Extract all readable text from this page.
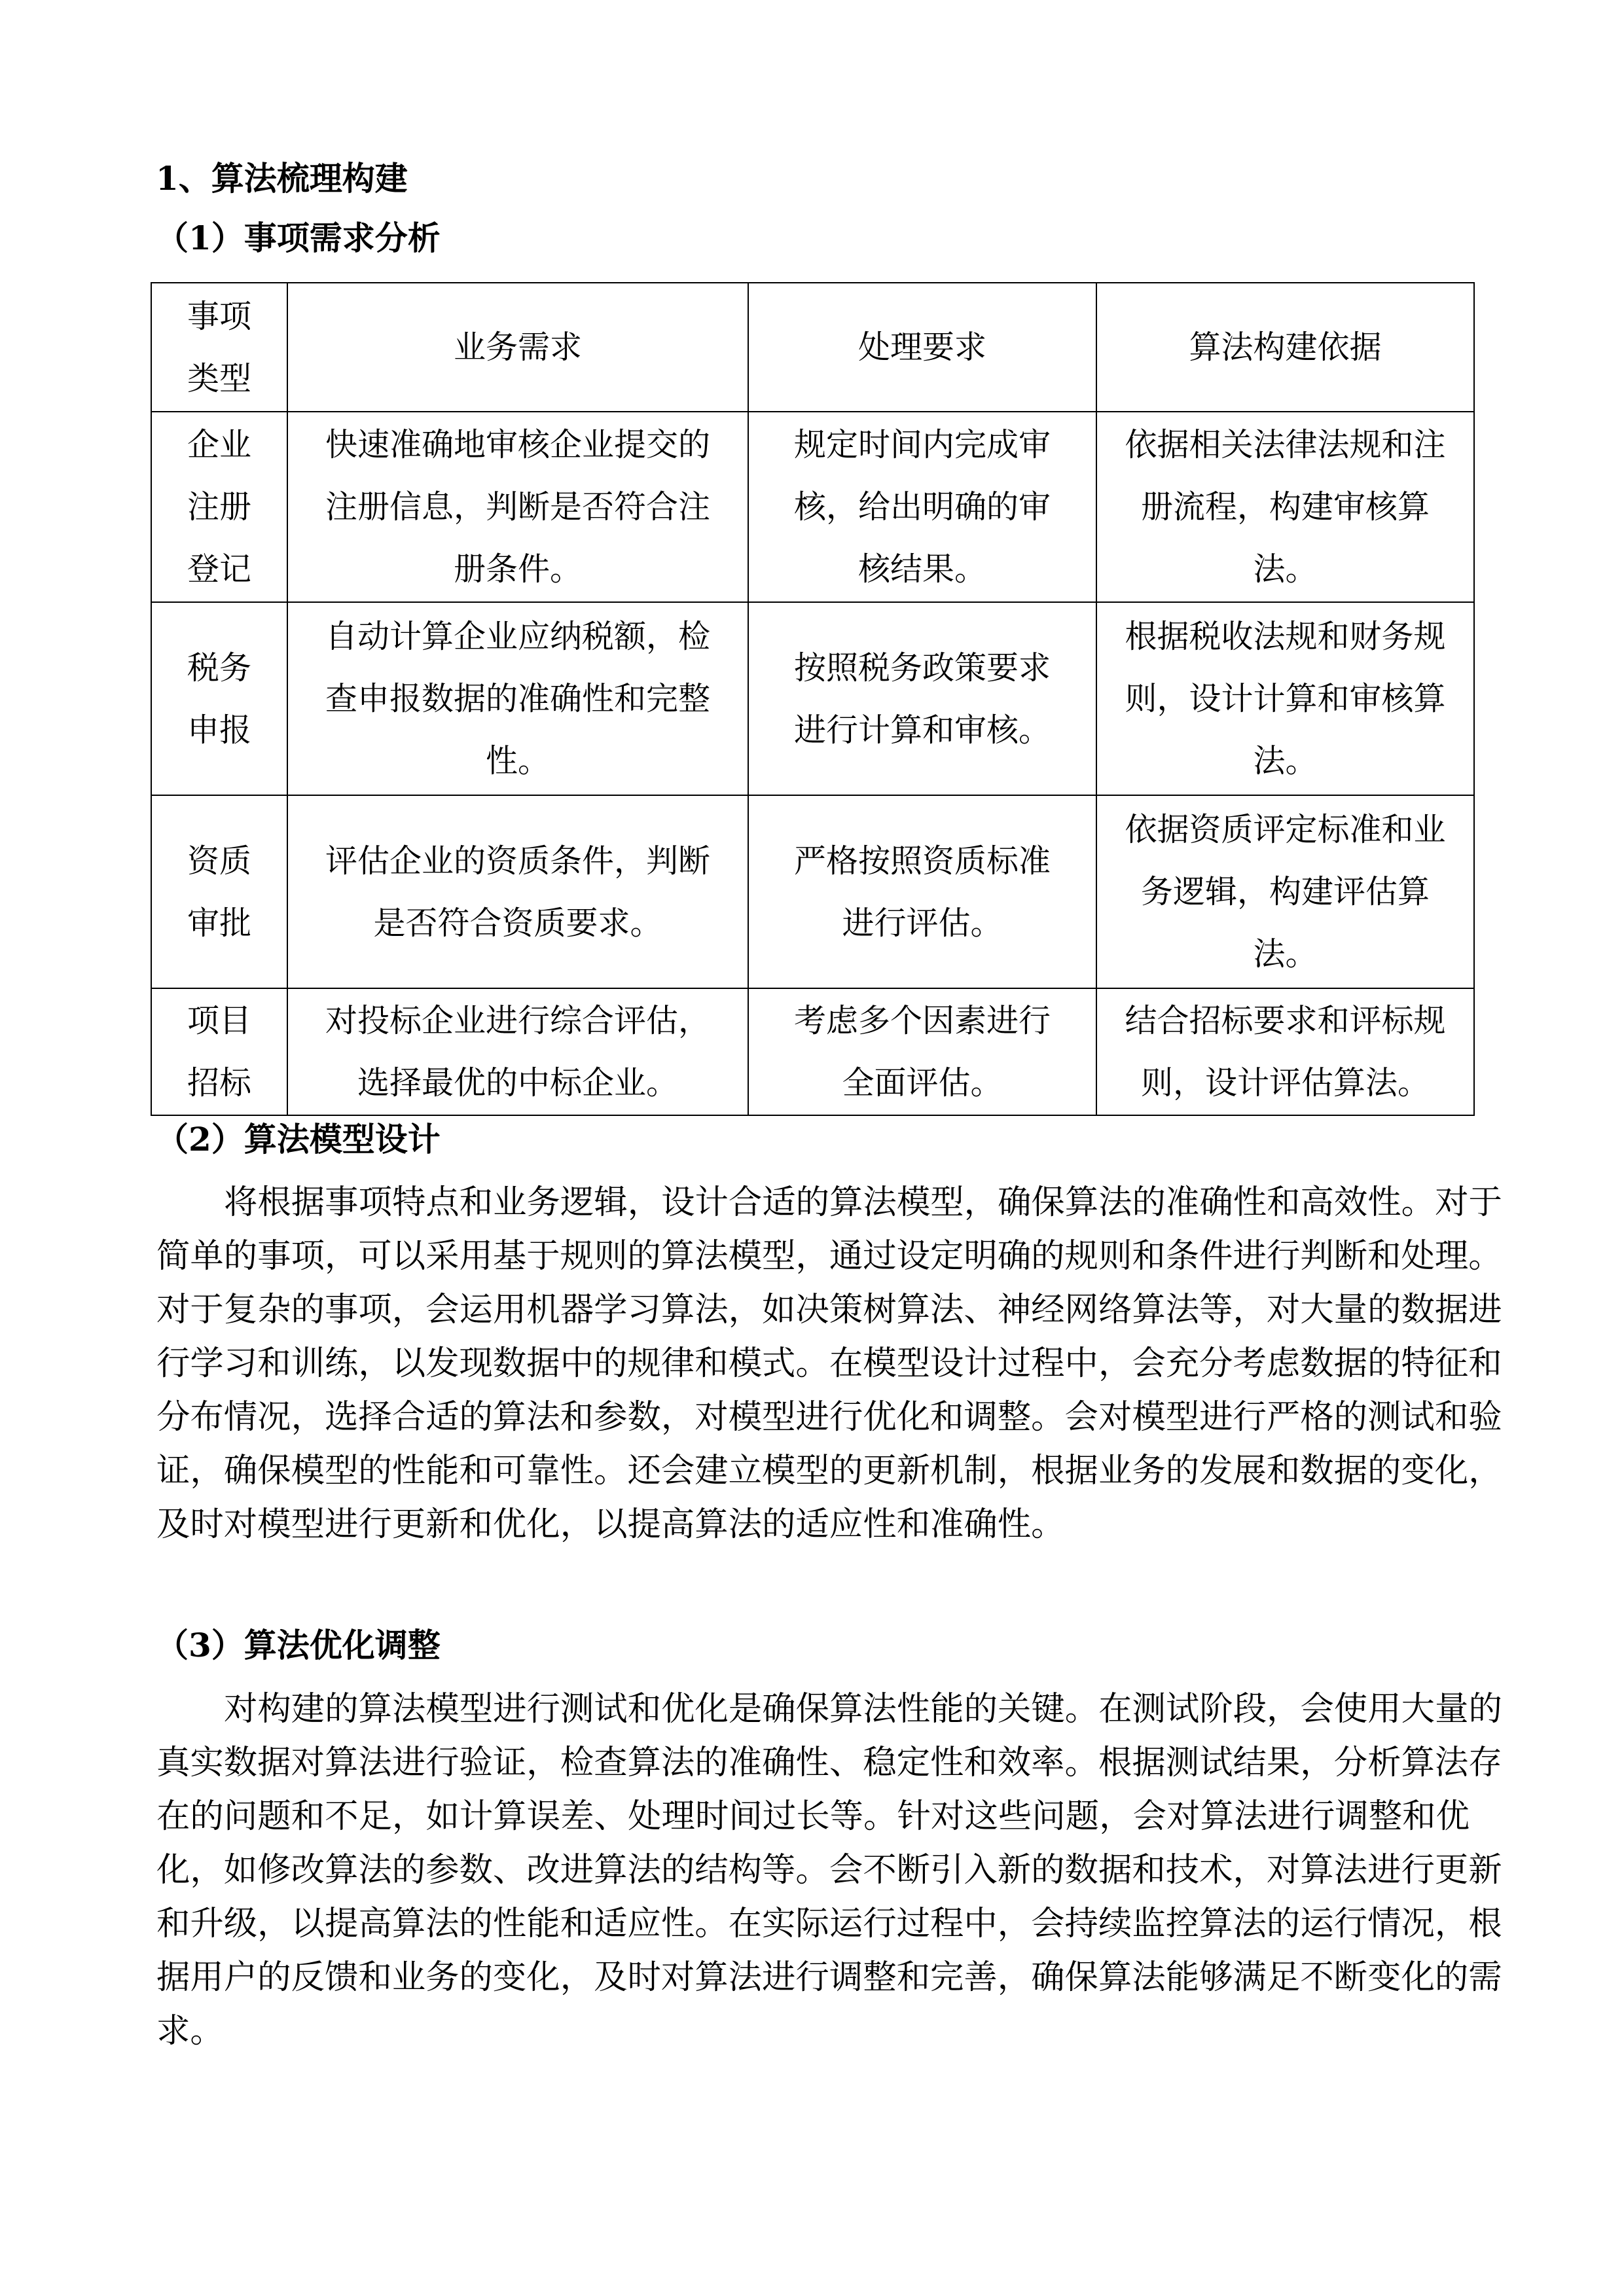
1、算法梳理构建
（1）事项需求分析
事项类型	业务需求	处理要求	算法构建依据
企业注册登记	快速准确地审核企业提交的注册信息，判断是否符合注册条件。	规定时间内完成审核，给出明确的审核结果。	依据相关法律法规和注册流程，构建审核算法。
税务申报	自动计算企业应纳税额，检查申报数据的准确性和完整性。	按照税务政策要求进行计算和审核。	根据税收法规和财务规则，设计计算和审核算法。
资质审批	评估企业的资质条件，判断是否符合资质要求。	严格按照资质标准进行评估。	依据资质评定标准和业务逻辑，构建评估算法。
项目招标	对投标企业进行综合评估，选择最优的中标企业。	考虑多个因素进行全面评估。	结合招标要求和评标规则，设计评估算法。
（2）算法模型设计
将根据事项特点和业务逻辑，设计合适的算法模型，确保算法的准确性和高效性。对于
简单的事项，可以采用基于规则的算法模型，通过设定明确的规则和条件进行判断和处理。
对于复杂的事项，会运用机器学习算法，如决策树算法、神经网络算法等，对大量的数据进
行学习和训练，以发现数据中的规律和模式。在模型设计过程中，会充分考虑数据的特征和
分布情况，选择合适的算法和参数，对模型进行优化和调整。会对模型进行严格的测试和验
证，确保模型的性能和可靠性。还会建立模型的更新机制，根据业务的发展和数据的变化，
及时对模型进行更新和优化，以提高算法的适应性和准确性。
（3）算法优化调整
对构建的算法模型进行测试和优化是确保算法性能的关键。在测试阶段，会使用大量的
真实数据对算法进行验证，检查算法的准确性、稳定性和效率。根据测试结果，分析算法存
在的问题和不足，如计算误差、处理时间过长等。针对这些问题，会对算法进行调整和优
化，如修改算法的参数、改进算法的结构等。会不断引入新的数据和技术，对算法进行更新
和升级，以提高算法的性能和适应性。在实际运行过程中，会持续监控算法的运行情况，根
据用户的反馈和业务的变化，及时对算法进行调整和完善，确保算法能够满足不断变化的需
求。
